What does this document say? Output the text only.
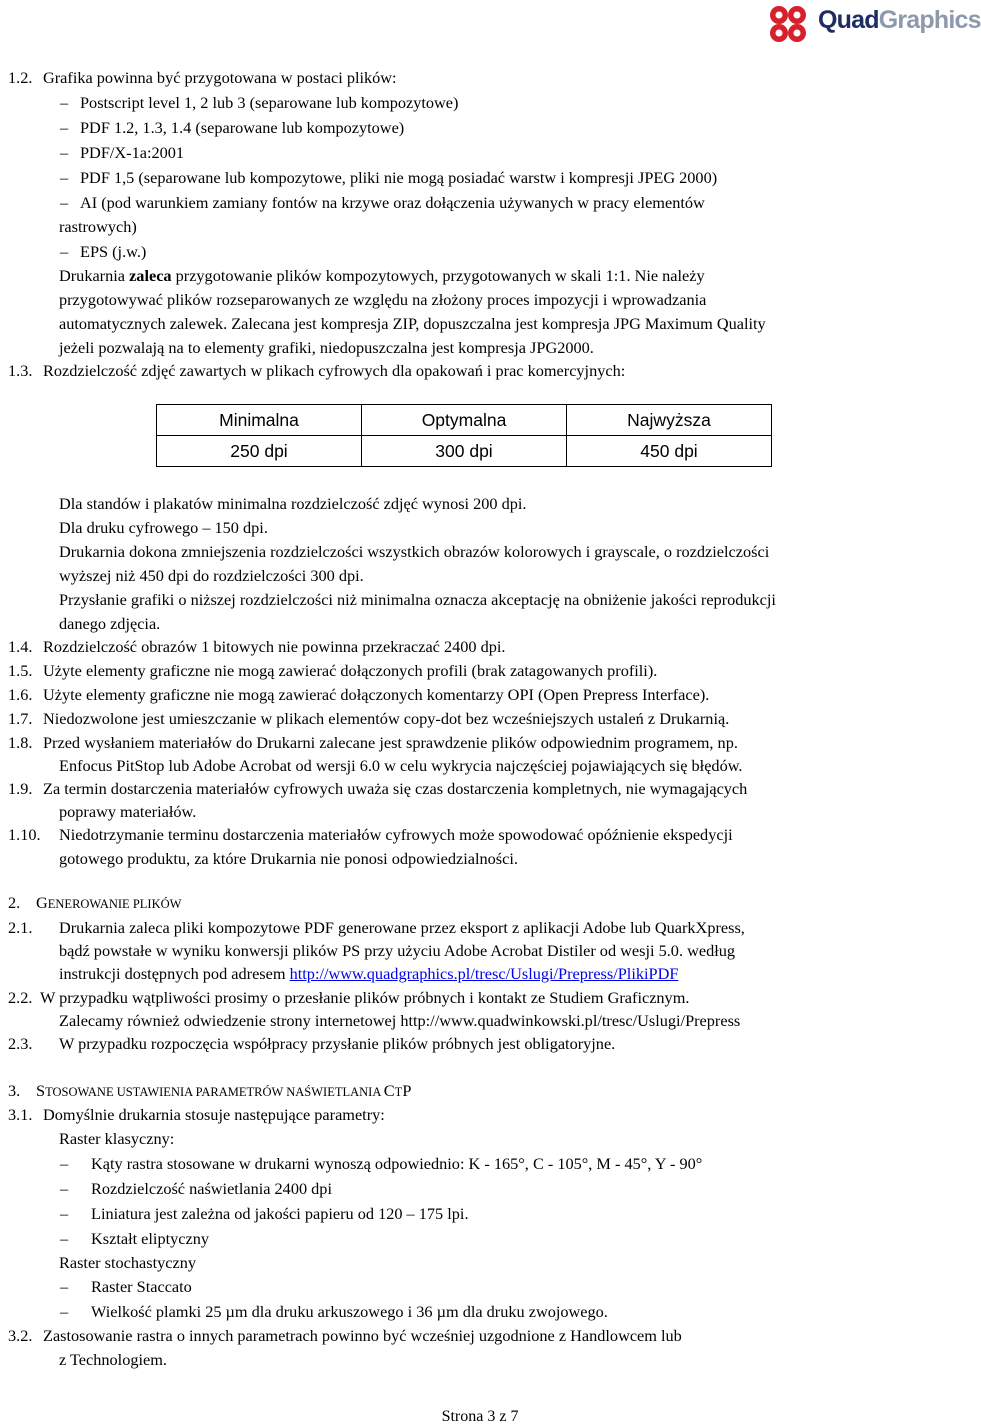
QuadGraphics
1.2. Grafika powinna być przygotowana w postaci plików:
– Postscript level 1, 2 lub 3 (separowane lub kompozytowe)
– PDF 1.2, 1.3, 1.4 (separowane lub kompozytowe)
– PDF/X-1a:2001
– PDF 1,5 (separowane lub kompozytowe, pliki nie mogą posiadać warstw i kompresji JPEG 2000)
– AI (pod warunkiem zamiany fontów na krzywe oraz dołączenia używanych w pracy elementów
rastrowych)
– EPS (j.w.)
Drukarnia zaleca przygotowanie plików kompozytowych, przygotowanych w skali 1:1. Nie należy
przygotowywać plików rozseparowanych ze względu na złożony proces impozycji i wprowadzania
automatycznych zalewek. Zalecana jest kompresja ZIP, dopuszczalna jest kompresja JPG Maximum Quality
jeżeli pozwalają na to elementy grafiki, niedopuszczalna jest kompresja JPG2000.
1.3. Rozdzielczość zdjęć zawartych w plikach cyfrowych dla opakowań i prac komercyjnych:
Minimalna	Optymalna	Najwyższa
250 dpi	300 dpi	450 dpi
Dla standów i plakatów minimalna rozdzielczość zdjęć wynosi 200 dpi.
Dla druku cyfrowego – 150 dpi.
Drukarnia dokona zmniejszenia rozdzielczości wszystkich obrazów kolorowych i grayscale, o rozdzielczości
wyższej niż 450 dpi do rozdzielczości 300 dpi.
Przysłanie grafiki o niższej rozdzielczości niż minimalna oznacza akceptację na obniżenie jakości reprodukcji
danego zdjęcia.
1.4. Rozdzielczość obrazów 1 bitowych nie powinna przekraczać 2400 dpi.
1.5. Użyte elementy graficzne nie mogą zawierać dołączonych profili (brak zatagowanych profili).
1.6. Użyte elementy graficzne nie mogą zawierać dołączonych komentarzy OPI (Open Prepress Interface).
1.7. Niedozwolone jest umieszczanie w plikach elementów copy-dot bez wcześniejszych ustaleń z Drukarnią.
1.8. Przed wysłaniem materiałów do Drukarni zalecane jest sprawdzenie plików odpowiednim programem, np.
Enfocus PitStop lub Adobe Acrobat od wersji 6.0 w celu wykrycia najczęściej pojawiających się błędów.
1.9. Za termin dostarczenia materiałów cyfrowych uważa się czas dostarczenia kompletnych, nie wymagających
poprawy materiałów.
1.10. Niedotrzymanie terminu dostarczenia materiałów cyfrowych może spowodować opóźnienie ekspedycji
gotowego produktu, za które Drukarnia nie ponosi odpowiedzialności.
2. GENEROWANIE PLIKÓW
2.1. Drukarnia zaleca pliki kompozytowe PDF generowane przez eksport z aplikacji Adobe lub QuarkXpress,
bądź powstałe w wyniku konwersji plików PS przy użyciu Adobe Acrobat Distiler od wesji 5.0. według
instrukcji dostępnych pod adresem http://www.quadgraphics.pl/tresc/Uslugi/Prepress/PlikiPDF
2.2. W przypadku wątpliwości prosimy o przesłanie plików próbnych i kontakt ze Studiem Graficznym.
Zalecamy również odwiedzenie strony internetowej http://www.quadwinkowski.pl/tresc/Uslugi/Prepress
2.3. W przypadku rozpoczęcia współpracy przysłanie plików próbnych jest obligatoryjne.
3. STOSOWANE USTAWIENIA PARAMETRÓW NAŚWIETLANIA CTP
3.1. Domyślnie drukarnia stosuje następujące parametry:
Raster klasyczny:
– Kąty rastra stosowane w drukarni wynoszą odpowiednio: K - 165°, C - 105°, M - 45°, Y - 90°
– Rozdzielczość naświetlania 2400 dpi
– Liniatura jest zależna od jakości papieru od 120 – 175 lpi.
– Kształt eliptyczny
Raster stochastyczny
– Raster Staccato
– Wielkość plamki 25 µm dla druku arkuszowego i 36 µm dla druku zwojowego.
3.2. Zastosowanie rastra o innych parametrach powinno być wcześniej uzgodnione z Handlowcem lub
z Technologiem.
Strona 3 z 7
